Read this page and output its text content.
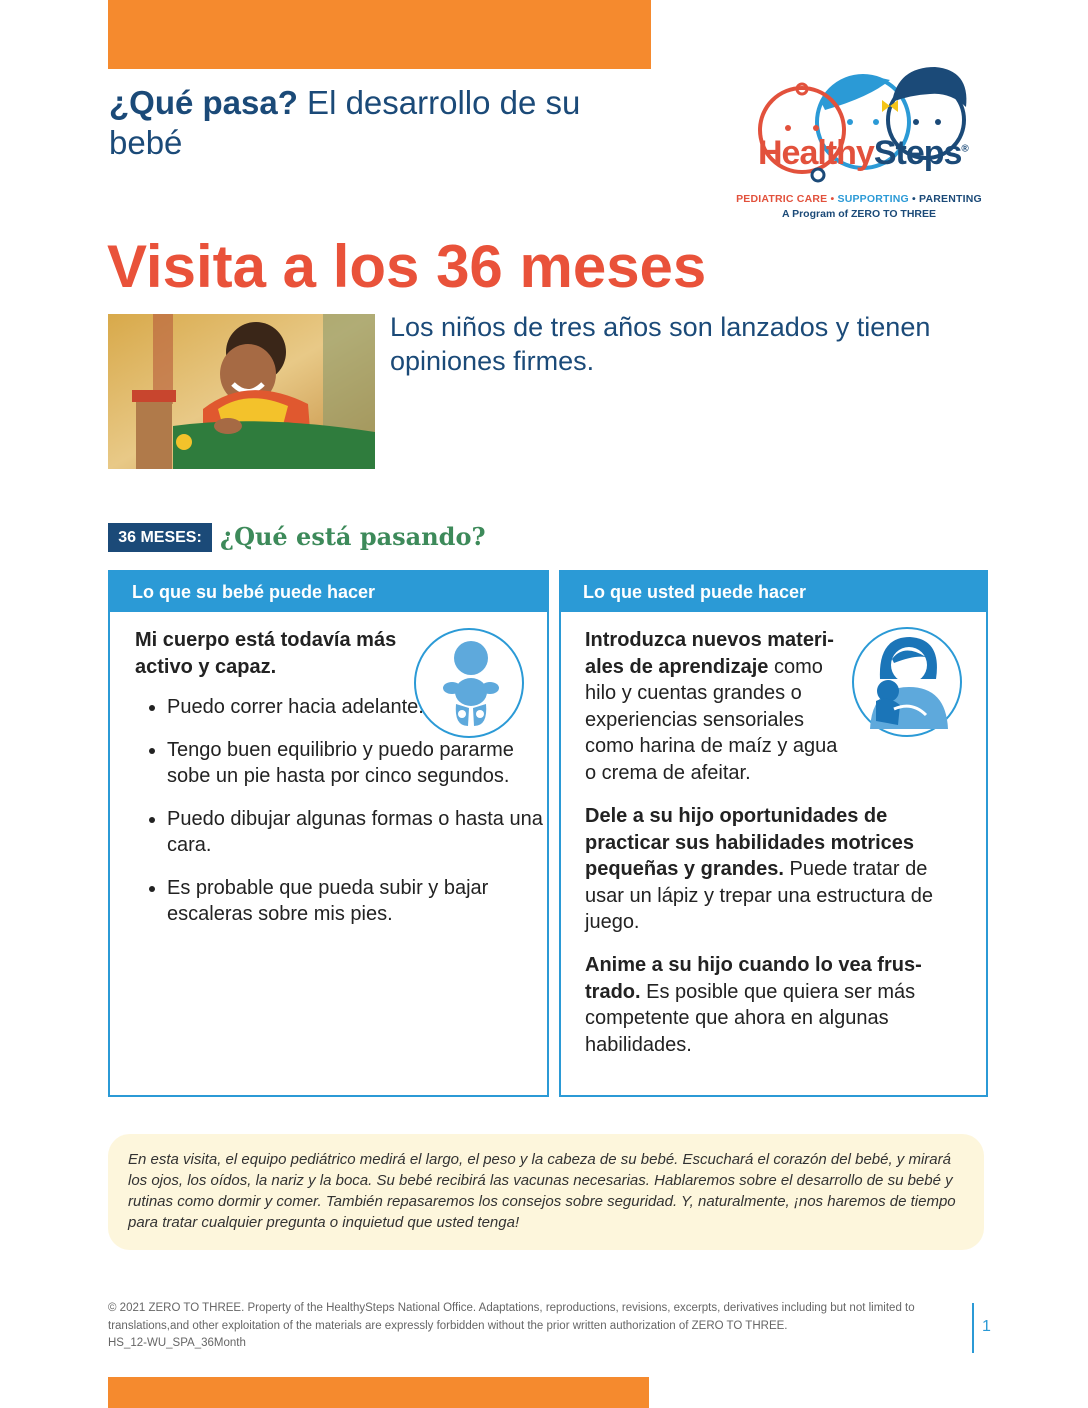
¿Qué pasa? El desarrollo de su bebé	HealthySteps®
PEDIATRIC CARE • SUPPORTING • PARENTING
A Program of ZERO TO THREE
Visita a los 36 meses
Los niños de tres años son lanzados y tienen opiniones firmes.
36 MESES: ¿Qué está pasando?
Lo que su bebé puede hacer
Mi cuerpo está todavía más activo y capaz.
• Puedo correr hacia adelante.
• Tengo buen equilibrio y puedo pararme sobe un pie hasta por cinco segundos.
• Puedo dibujar algunas formas o hasta una cara.
• Es probable que pueda subir y bajar escaleras sobre mis pies.
Lo que usted puede hacer
Introduzca nuevos materi-ales de aprendizaje como hilo y cuentas grandes o experiencias sensoriales como harina de maíz y agua o crema de afeitar.
Dele a su hijo oportunidades de practicar sus habilidades motrices pequeñas y grandes. Puede tratar de usar un lápiz y trepar una estructura de juego.
Anime a su hijo cuando lo vea frus-trado. Es posible que quiera ser más competente que ahora en algunas habilidades.
En esta visita, el equipo pediátrico medirá el largo, el peso y la cabeza de su bebé. Escuchará el corazón del bebé, y mirará los ojos, los oídos, la nariz y la boca. Su bebé recibirá las vacunas necesarias. Hablaremos sobre el desarrollo de su bebé y rutinas como dormir y comer. También repasaremos los consejos sobre seguridad. Y, naturalmente, ¡nos haremos de tiempo para tratar cualquier pregunta o inquietud que usted tenga!
© 2021 ZERO TO THREE. Property of the HealthySteps National Office. Adaptations, reproductions, revisions, excerpts, derivatives including but not limited to translations,and other exploitation of the materials are expressly forbidden without the prior written authorization of ZERO TO THREE.
HS_12-WU_SPA_36Month
1
